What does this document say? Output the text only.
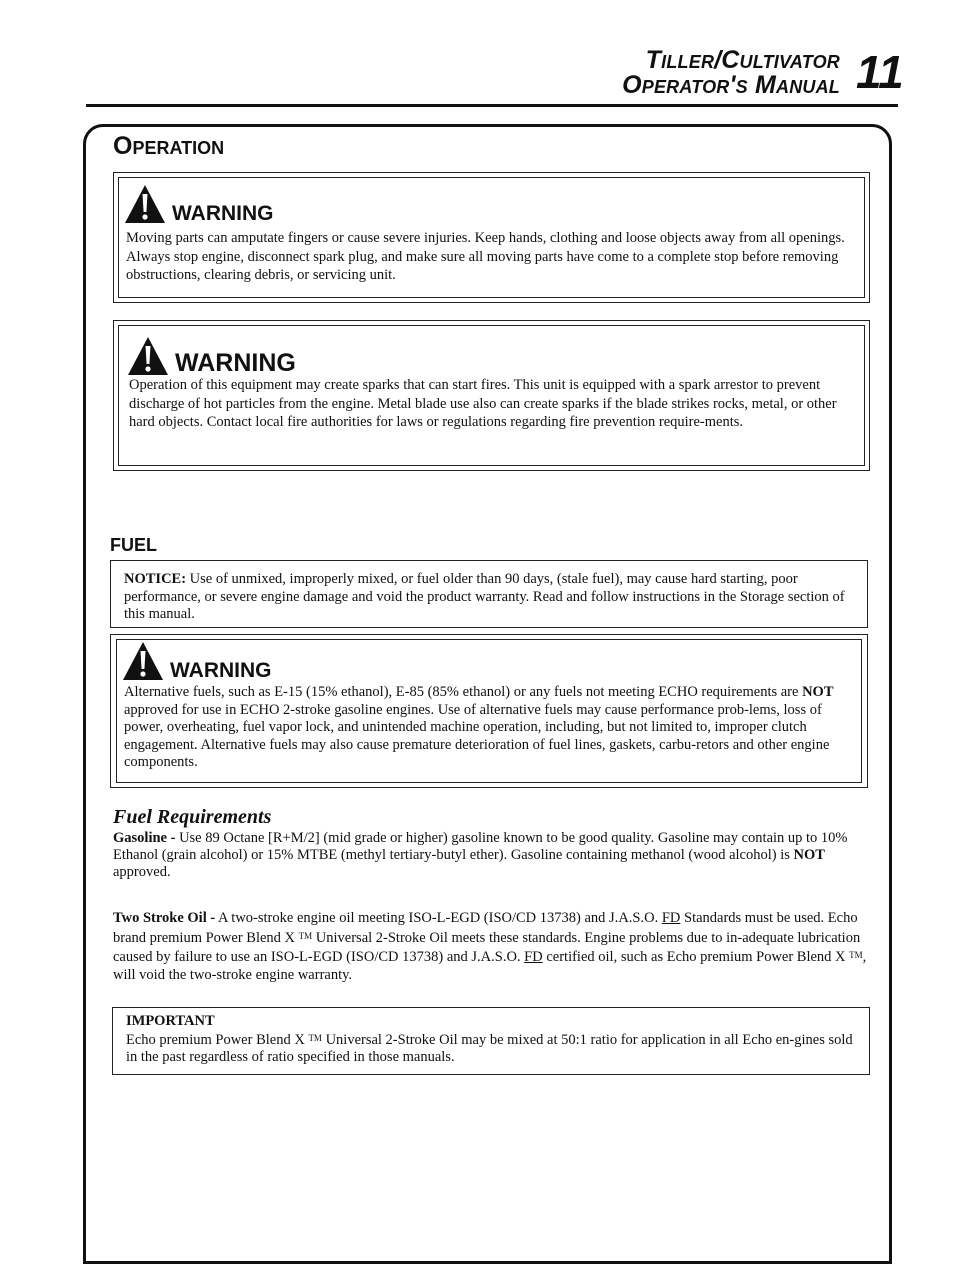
Tiller/Cultivator
Operator's Manual 11
Operation
WARNING
Moving parts can amputate fingers or cause severe injuries. Keep hands, clothing and loose objects away from all openings. Always stop engine, disconnect spark plug, and make sure all moving parts have come to a complete stop before removing obstructions, clearing debris, or servicing unit.
WARNING
Operation of this equipment may create sparks that can start fires. This unit is equipped with a spark arrestor to prevent discharge of hot particles from the engine. Metal blade use also can create sparks if the blade strikes rocks, metal, or other hard objects. Contact local fire authorities for laws or regulations regarding fire prevention require-ments.
FUEL
NOTICE: Use of unmixed, improperly mixed, or fuel older than 90 days, (stale fuel), may cause hard starting, poor performance, or severe engine damage and void the product warranty. Read and follow instructions in the Storage section of this manual.
WARNING
Alternative fuels, such as E-15 (15% ethanol), E-85 (85% ethanol) or any fuels not meeting ECHO requirements are NOT approved for use in ECHO 2-stroke gasoline engines. Use of alternative fuels may cause performance prob-lems, loss of power, overheating, fuel vapor lock, and unintended machine operation, including, but not limited to, improper clutch engagement. Alternative fuels may also cause premature deterioration of fuel lines, gaskets, carbu-retors and other engine components.
Fuel Requirements
Gasoline - Use 89 Octane [R+M/2] (mid grade or higher) gasoline known to be good quality. Gasoline may contain up to 10% Ethanol (grain alcohol) or 15% MTBE (methyl tertiary-butyl ether). Gasoline containing methanol (wood alcohol) is NOT approved.
Two Stroke Oil - A two-stroke engine oil meeting ISO-L-EGD (ISO/CD 13738) and J.A.S.O. FD Standards must be used. Echo brand premium Power Blend X ™ Universal 2-Stroke Oil meets these standards. Engine problems due to in-adequate lubrication caused by failure to use an ISO-L-EGD (ISO/CD 13738) and J.A.S.O. FD certified oil, such as Echo premium Power Blend X ™, will void the two-stroke engine warranty.
IMPORTANT
Echo premium Power Blend X ™ Universal 2-Stroke Oil may be mixed at 50:1 ratio for application in all Echo en-gines sold in the past regardless of ratio specified in those manuals.
